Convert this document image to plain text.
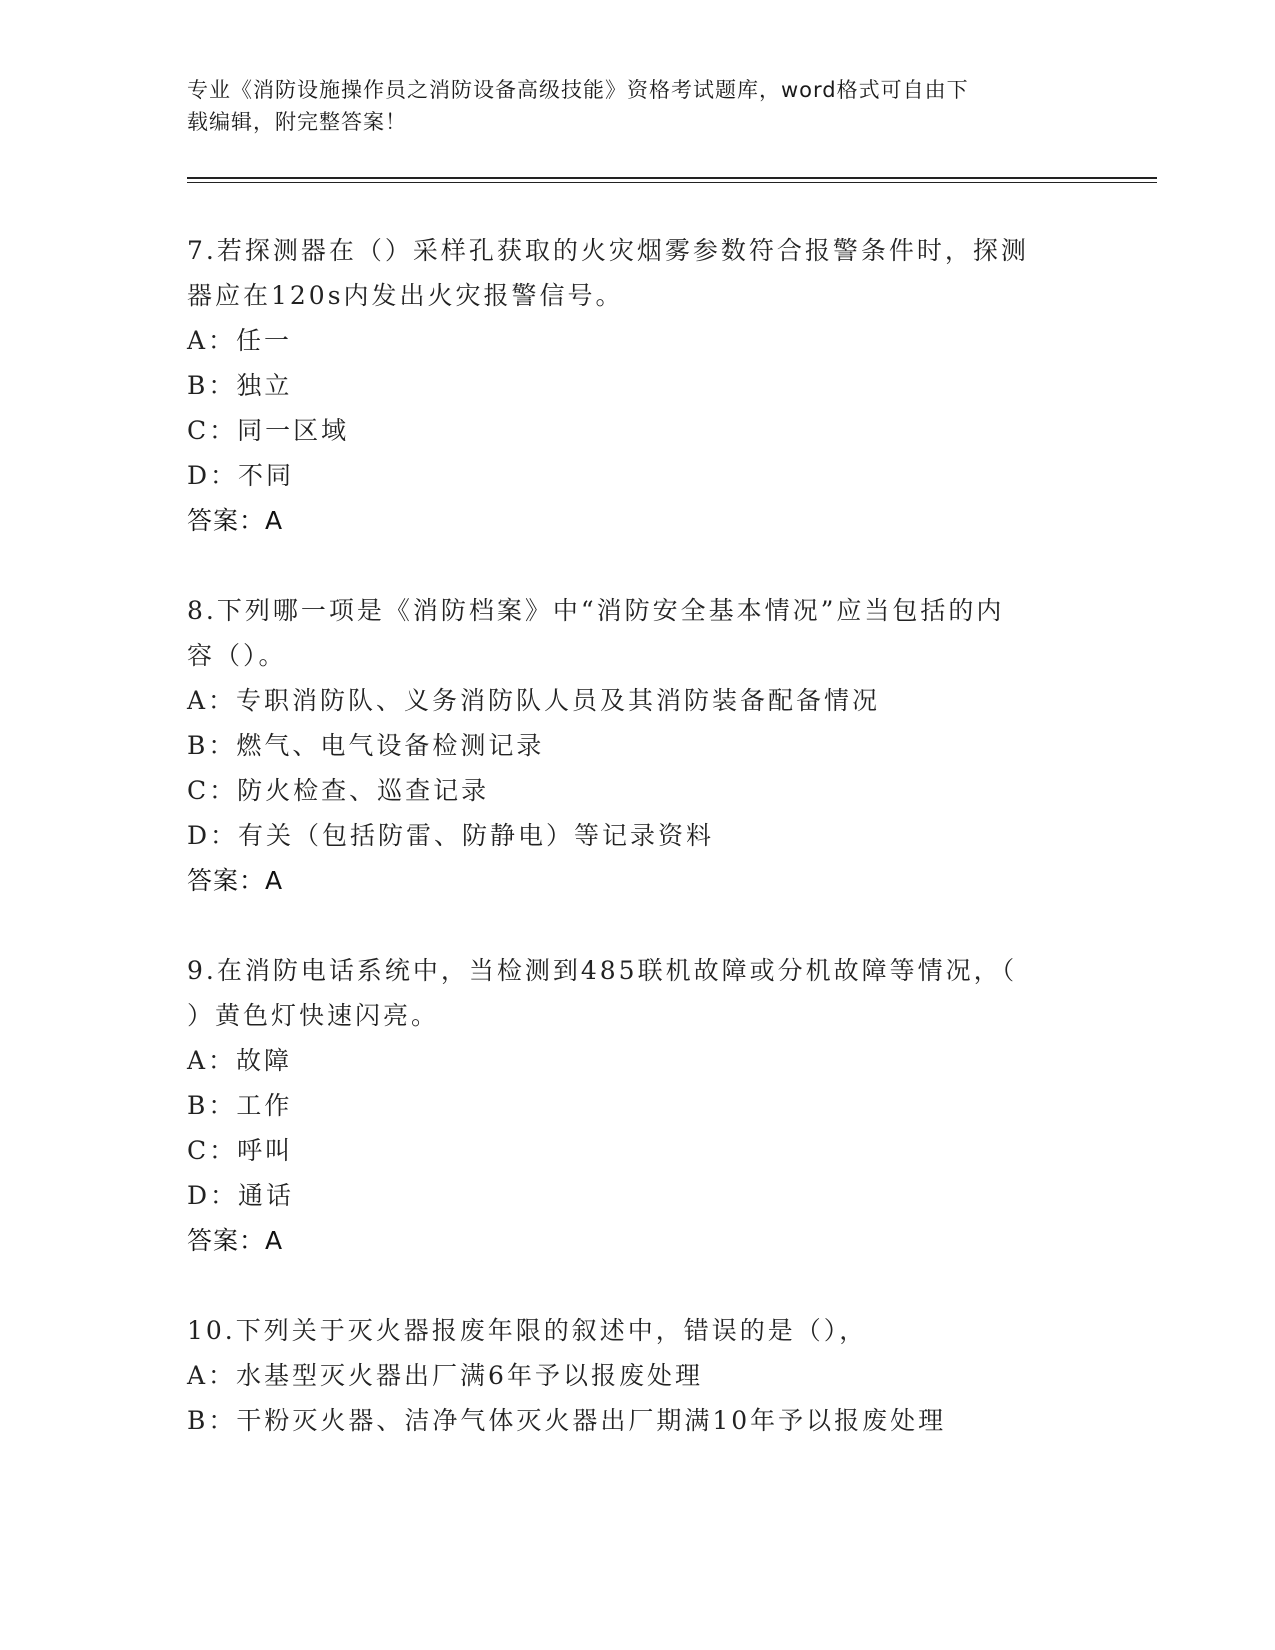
专业《消防设施操作员之消防设备高级技能》资格考试题库，word格式可自由下
载编辑，附完整答案！
7.若探测器在（）采样孔获取的火灾烟雾参数符合报警条件时，探测
器应在120s内发出火灾报警信号。
A：任一
B：独立
C：同一区域
D：不同
答案：A
8.下列哪一项是《消防档案》中“消防安全基本情况”应当包括的内
容（）。
A：专职消防队、义务消防队人员及其消防装备配备情况
B：燃气、电气设备检测记录
C：防火检查、巡查记录
D：有关（包括防雷、防静电）等记录资料
答案：A
9.在消防电话系统中，当检测到485联机故障或分机故障等情况，（
）黄色灯快速闪亮。
A：故障
B：工作
C：呼叫
D：通话
答案：A
10.下列关于灭火器报废年限的叙述中，错误的是（），
A：水基型灭火器出厂满6年予以报废处理
B：干粉灭火器、洁净气体灭火器出厂期满10年予以报废处理
